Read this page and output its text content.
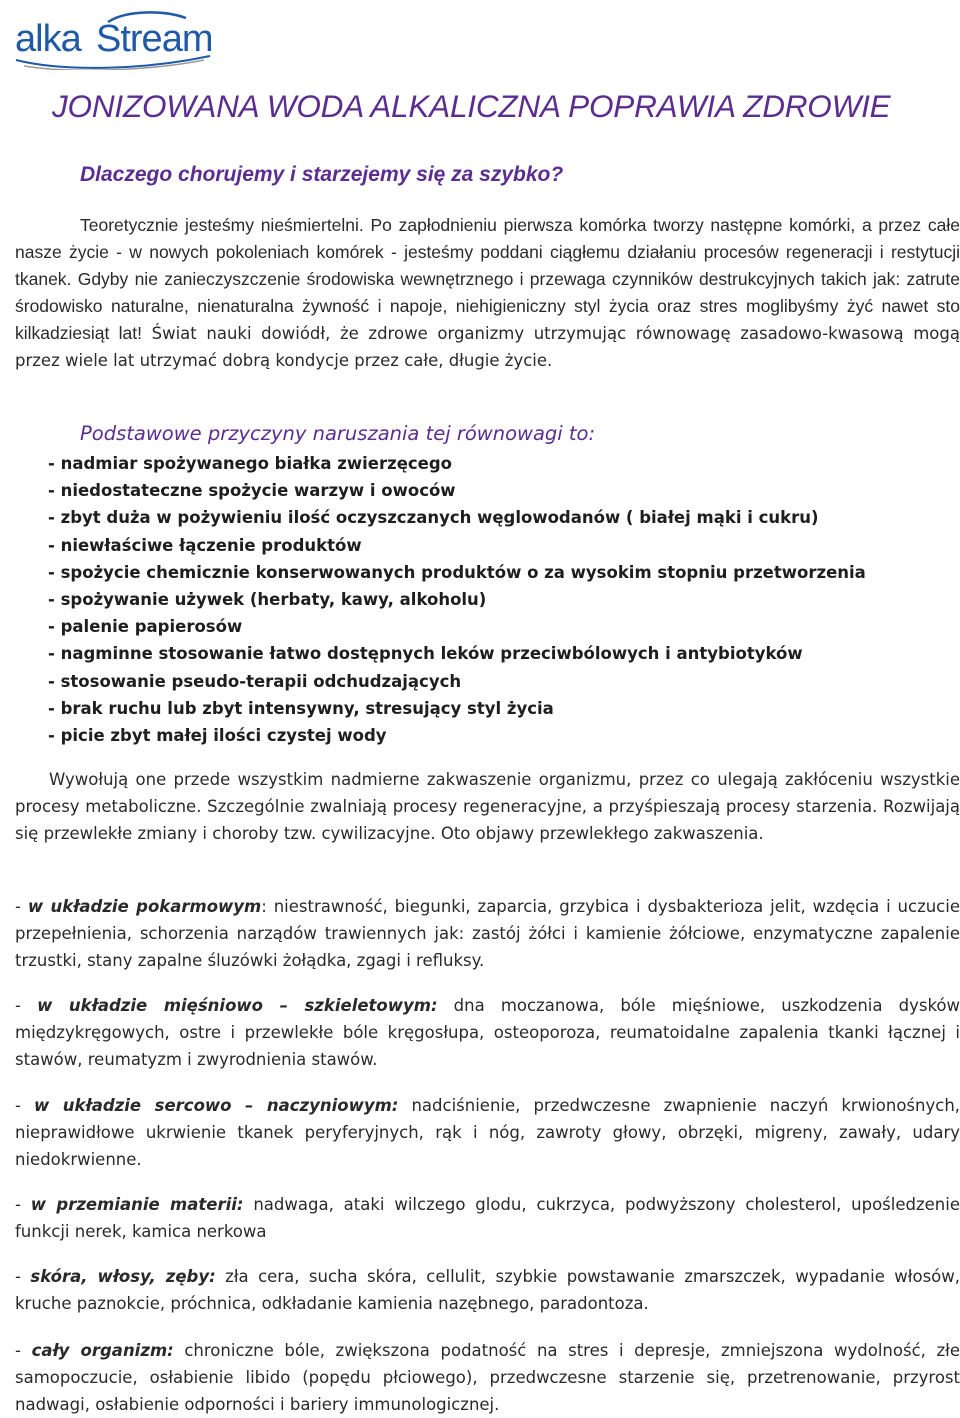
alka Stream
JONIZOWANA WODA ALKALICZNA POPRAWIA ZDROWIE
Dlaczego chorujemy i starzejemy się za szybko?

Teoretycznie jesteśmy nieśmiertelni. Po zapłodnieniu pierwsza komórka tworzy następne komórki, a przez całe nasze życie - w nowych pokoleniach komórek - jesteśmy poddani ciągłemu działaniu procesów regeneracji i restytucji tkanek. Gdyby nie zanieczyszczenie środowiska wewnętrznego i przewaga czynników destrukcyjnych takich jak: zatrute środowisko naturalne, nienaturalna żywność i napoje, niehigieniczny styl życia oraz stres moglibyśmy żyć nawet sto kilkadziesiąt lat! Świat nauki dowiódł, że zdrowe organizmy utrzymując równowagę zasadowo-kwasową mogą przez wiele lat utrzymać dobrą kondycje przez całe, długie życie.

Podstawowe przyczyny naruszania tej równowagi to:
- nadmiar spożywanego białka zwierzęcego
- niedostateczne spożycie warzyw i owoców
- zbyt duża w pożywieniu ilość oczyszczanych węglowodanów ( białej mąki i cukru)
- niewłaściwe łączenie produktów
- spożycie chemicznie konserwowanych produktów o za wysokim stopniu przetworzenia
- spożywanie używek (herbaty, kawy, alkoholu)
- palenie papierosów
- nagminne stosowanie łatwo dostępnych leków przeciwbólowych i antybiotyków
- stosowanie pseudo-terapii odchudzających
- brak ruchu lub zbyt intensywny, stresujący styl życia
- picie zbyt małej ilości czystej wody

Wywołują one przede wszystkim nadmierne zakwaszenie organizmu, przez co ulegają zakłóceniu wszystkie procesy metaboliczne. Szczególnie zwalniają procesy regeneracyjne, a przyśpieszają procesy starzenia. Rozwijają się przewlekłe zmiany i choroby tzw. cywilizacyjne. Oto objawy przewlekłego zakwaszenia.

- w układzie pokarmowym: niestrawność, biegunki, zaparcia, grzybica i dysbakterioza jelit, wzdęcia i uczucie przepełnienia, schorzenia narządów trawiennych jak: zastój żółci i kamienie żółciowe, enzymatyczne zapalenie trzustki, stany zapalne śluzówki żołądka, zgagi i refluksy.

- w układzie mięśniowo – szkieletowym: dna moczanowa, bóle mięśniowe, uszkodzenia dysków międzykręgowych, ostre i przewlekłe bóle kręgosłupa, osteoporoza, reumatoidalne zapalenia tkanki łącznej i stawów, reumatyzm i zwyrodnienia stawów.

- w układzie sercowo – naczyniowym: nadciśnienie, przedwczesne zwapnienie naczyń krwionośnych, nieprawidłowe ukrwienie tkanek peryferyjnych, rąk i nóg, zawroty głowy, obrzęki, migreny, zawały, udary niedokrwienne.

- w przemianie materii: nadwaga, ataki wilczego glodu, cukrzyca, podwyższony cholesterol, upośledzenie funkcji nerek, kamica nerkowa

- skóra, włosy, zęby: zła cera, sucha skóra, cellulit, szybkie powstawanie zmarszczek, wypadanie włosów, kruche paznokcie, próchnica, odkładanie kamienia nazębnego, paradontoza.

- cały organizm: chroniczne bóle, zwiększona podatność na stres i depresje, zmniejszona wydolność, złe samopoczucie, osłabienie libido (popędu płciowego), przedwczesne starzenie się, przetrenowanie, przyrost nadwagi, osłabienie odporności i bariery immunologicznej.
